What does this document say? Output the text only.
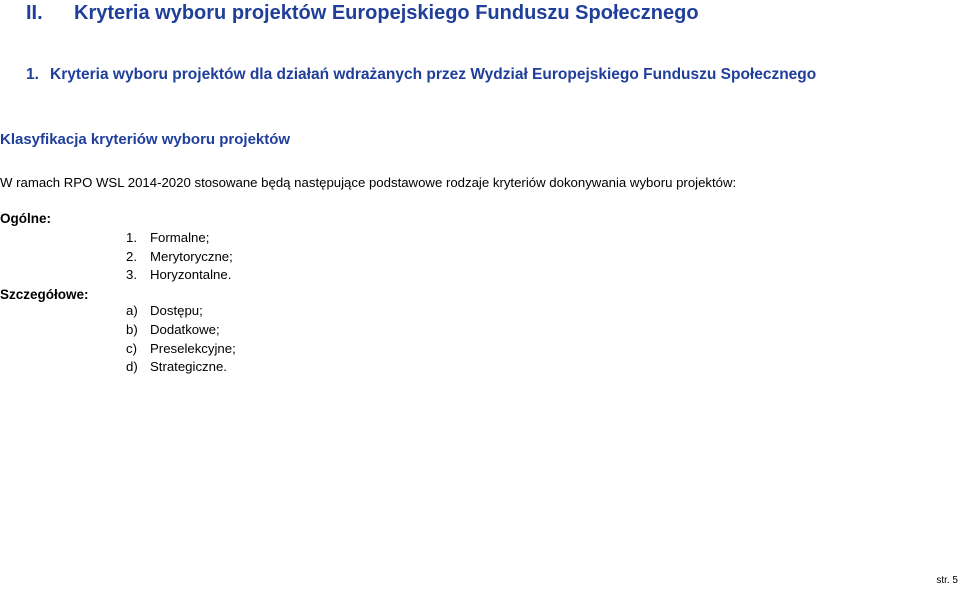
II. Kryteria wyboru projektów Europejskiego Funduszu Społecznego
1. Kryteria wyboru projektów dla działań wdrażanych przez Wydział Europejskiego Funduszu Społecznego
Klasyfikacja kryteriów wyboru projektów
W ramach RPO WSL 2014-2020 stosowane będą następujące podstawowe rodzaje kryteriów dokonywania wyboru projektów:
Ogólne:
1. Formalne;
2. Merytoryczne;
3. Horyzontalne.
Szczegółowe:
a) Dostępu;
b) Dodatkowe;
c) Preselekcyjne;
d) Strategiczne.
str. 5
